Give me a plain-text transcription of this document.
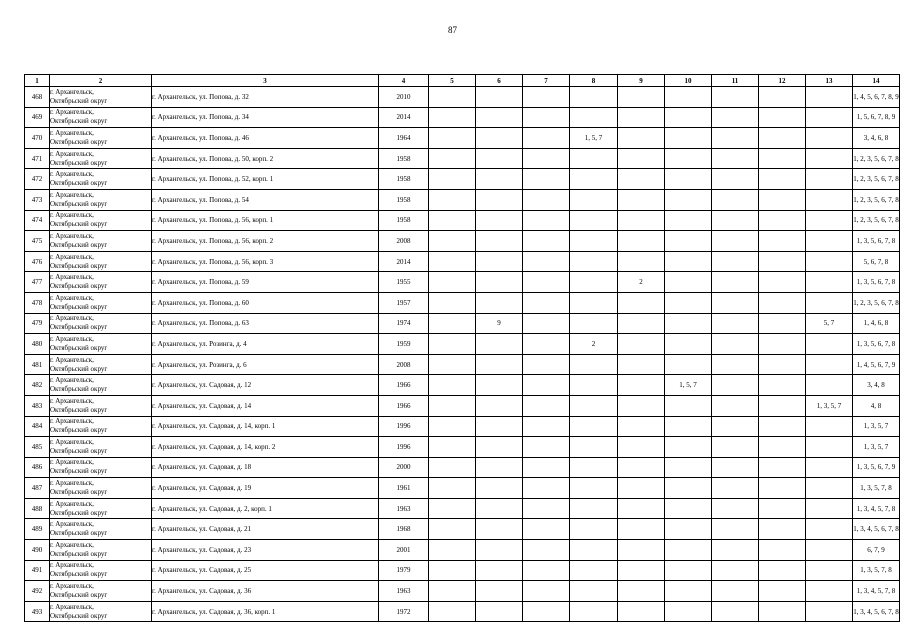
87
1	2	3	4	5	6	7	8	9	10	11	12	13	14
468	г. Архангельск,
Октябрьский округ	г. Архангельск, ул. Попова, д. 32	2010										1, 4, 5, 6, 7, 8, 9
469	г. Архангельск,
Октябрьский округ	г. Архангельск, ул. Попова, д. 34	2014										1, 5, 6, 7, 8, 9
470	г. Архангельск,
Октябрьский округ	г. Архангельск, ул. Попова, д. 46	1964				1, 5, 7						3, 4, 6, 8
471	г. Архангельск,
Октябрьский округ	г. Архангельск, ул. Попова, д. 50, корп. 2	1958										1, 2, 3, 5, 6, 7, 8
472	г. Архангельск,
Октябрьский округ	г. Архангельск, ул. Попова, д. 52, корп. 1	1958										1, 2, 3, 5, 6, 7, 8
473	г. Архангельск,
Октябрьский округ	г. Архангельск, ул. Попова, д. 54	1958										1, 2, 3, 5, 6, 7, 8
474	г. Архангельск,
Октябрьский округ	г. Архангельск, ул. Попова, д. 56, корп. 1	1958										1, 2, 3, 5, 6, 7, 8
475	г. Архангельск,
Октябрьский округ	г. Архангельск, ул. Попова, д. 56, корп. 2	2008										1, 3, 5, 6, 7, 8
476	г. Архангельск,
Октябрьский округ	г. Архангельск, ул. Попова, д. 56, корп. 3	2014										5, 6, 7, 8
477	г. Архангельск,
Октябрьский округ	г. Архангельск, ул. Попова, д. 59	1955					2					1, 3, 5, 6, 7, 8
478	г. Архангельск,
Октябрьский округ	г. Архангельск, ул. Попова, д. 60	1957										1, 2, 3, 5, 6, 7, 8
479	г. Архангельск,
Октябрьский округ	г. Архангельск, ул. Попова, д. 63	1974		9							5, 7	1, 4, 6, 8
480	г. Архангельск,
Октябрьский округ	г. Архангельск, ул. Розинга, д. 4	1959				2						1, 3, 5, 6, 7, 8
481	г. Архангельск,
Октябрьский округ	г. Архангельск, ул. Розинга, д. 6	2008										1, 4, 5, 6, 7, 9
482	г. Архангельск,
Октябрьский округ	г. Архангельск, ул. Садовая, д. 12	1966						1, 5, 7				3, 4, 8
483	г. Архангельск,
Октябрьский округ	г. Архангельск, ул. Садовая, д. 14	1966									1, 3, 5, 7	4, 8
484	г. Архангельск,
Октябрьский округ	г. Архангельск, ул. Садовая, д. 14, корп. 1	1996										1, 3, 5, 7
485	г. Архангельск,
Октябрьский округ	г. Архангельск, ул. Садовая, д. 14, корп. 2	1996										1, 3, 5, 7
486	г. Архангельск,
Октябрьский округ	г. Архангельск, ул. Садовая, д. 18	2000										1, 3, 5, 6, 7, 9
487	г. Архангельск,
Октябрьский округ	г. Архангельск, ул. Садовая, д. 19	1961										1, 3, 5, 7, 8
488	г. Архангельск,
Октябрьский округ	г. Архангельск, ул. Садовая, д. 2, корп. 1	1963										1, 3, 4, 5, 7, 8
489	г. Архангельск,
Октябрьский округ	г. Архангельск, ул. Садовая, д. 21	1968										1, 3, 4, 5, 6, 7, 8
490	г. Архангельск,
Октябрьский округ	г. Архангельск, ул. Садовая, д. 23	2001										6, 7, 9
491	г. Архангельск,
Октябрьский округ	г. Архангельск, ул. Садовая, д. 25	1979										1, 3, 5, 7, 8
492	г. Архангельск,
Октябрьский округ	г. Архангельск, ул. Садовая, д. 36	1963										1, 3, 4, 5, 7, 8
493	г. Архангельск,
Октябрьский округ	г. Архангельск, ул. Садовая, д. 36, корп. 1	1972										1, 3, 4, 5, 6, 7, 8
